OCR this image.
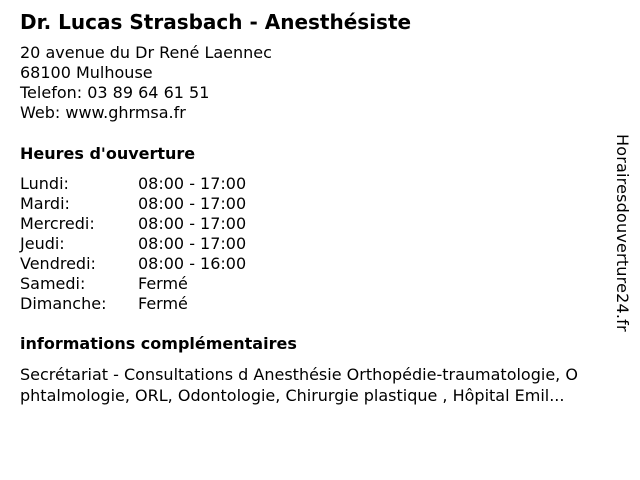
Dr. Lucas Strasbach - Anesthésiste
20 avenue du Dr René Laennec
68100 Mulhouse
Telefon: 03 89 64 61 51
Web: www.ghrmsa.fr
Heures d'ouverture
Lundi:	08:00 - 17:00
Mardi:	08:00 - 17:00
Mercredi:	08:00 - 17:00
Jeudi:	08:00 - 17:00
Vendredi:	08:00 - 16:00
Samedi:	Fermé
Dimanche:	Fermé
informations complémentaires
Secrétariat - Consultations d Anesthésie Orthopédie-traumatologie, O
phtalmologie, ORL, Odontologie, Chirurgie plastique , Hôpital Emil...
Horairesdouverture24.fr
